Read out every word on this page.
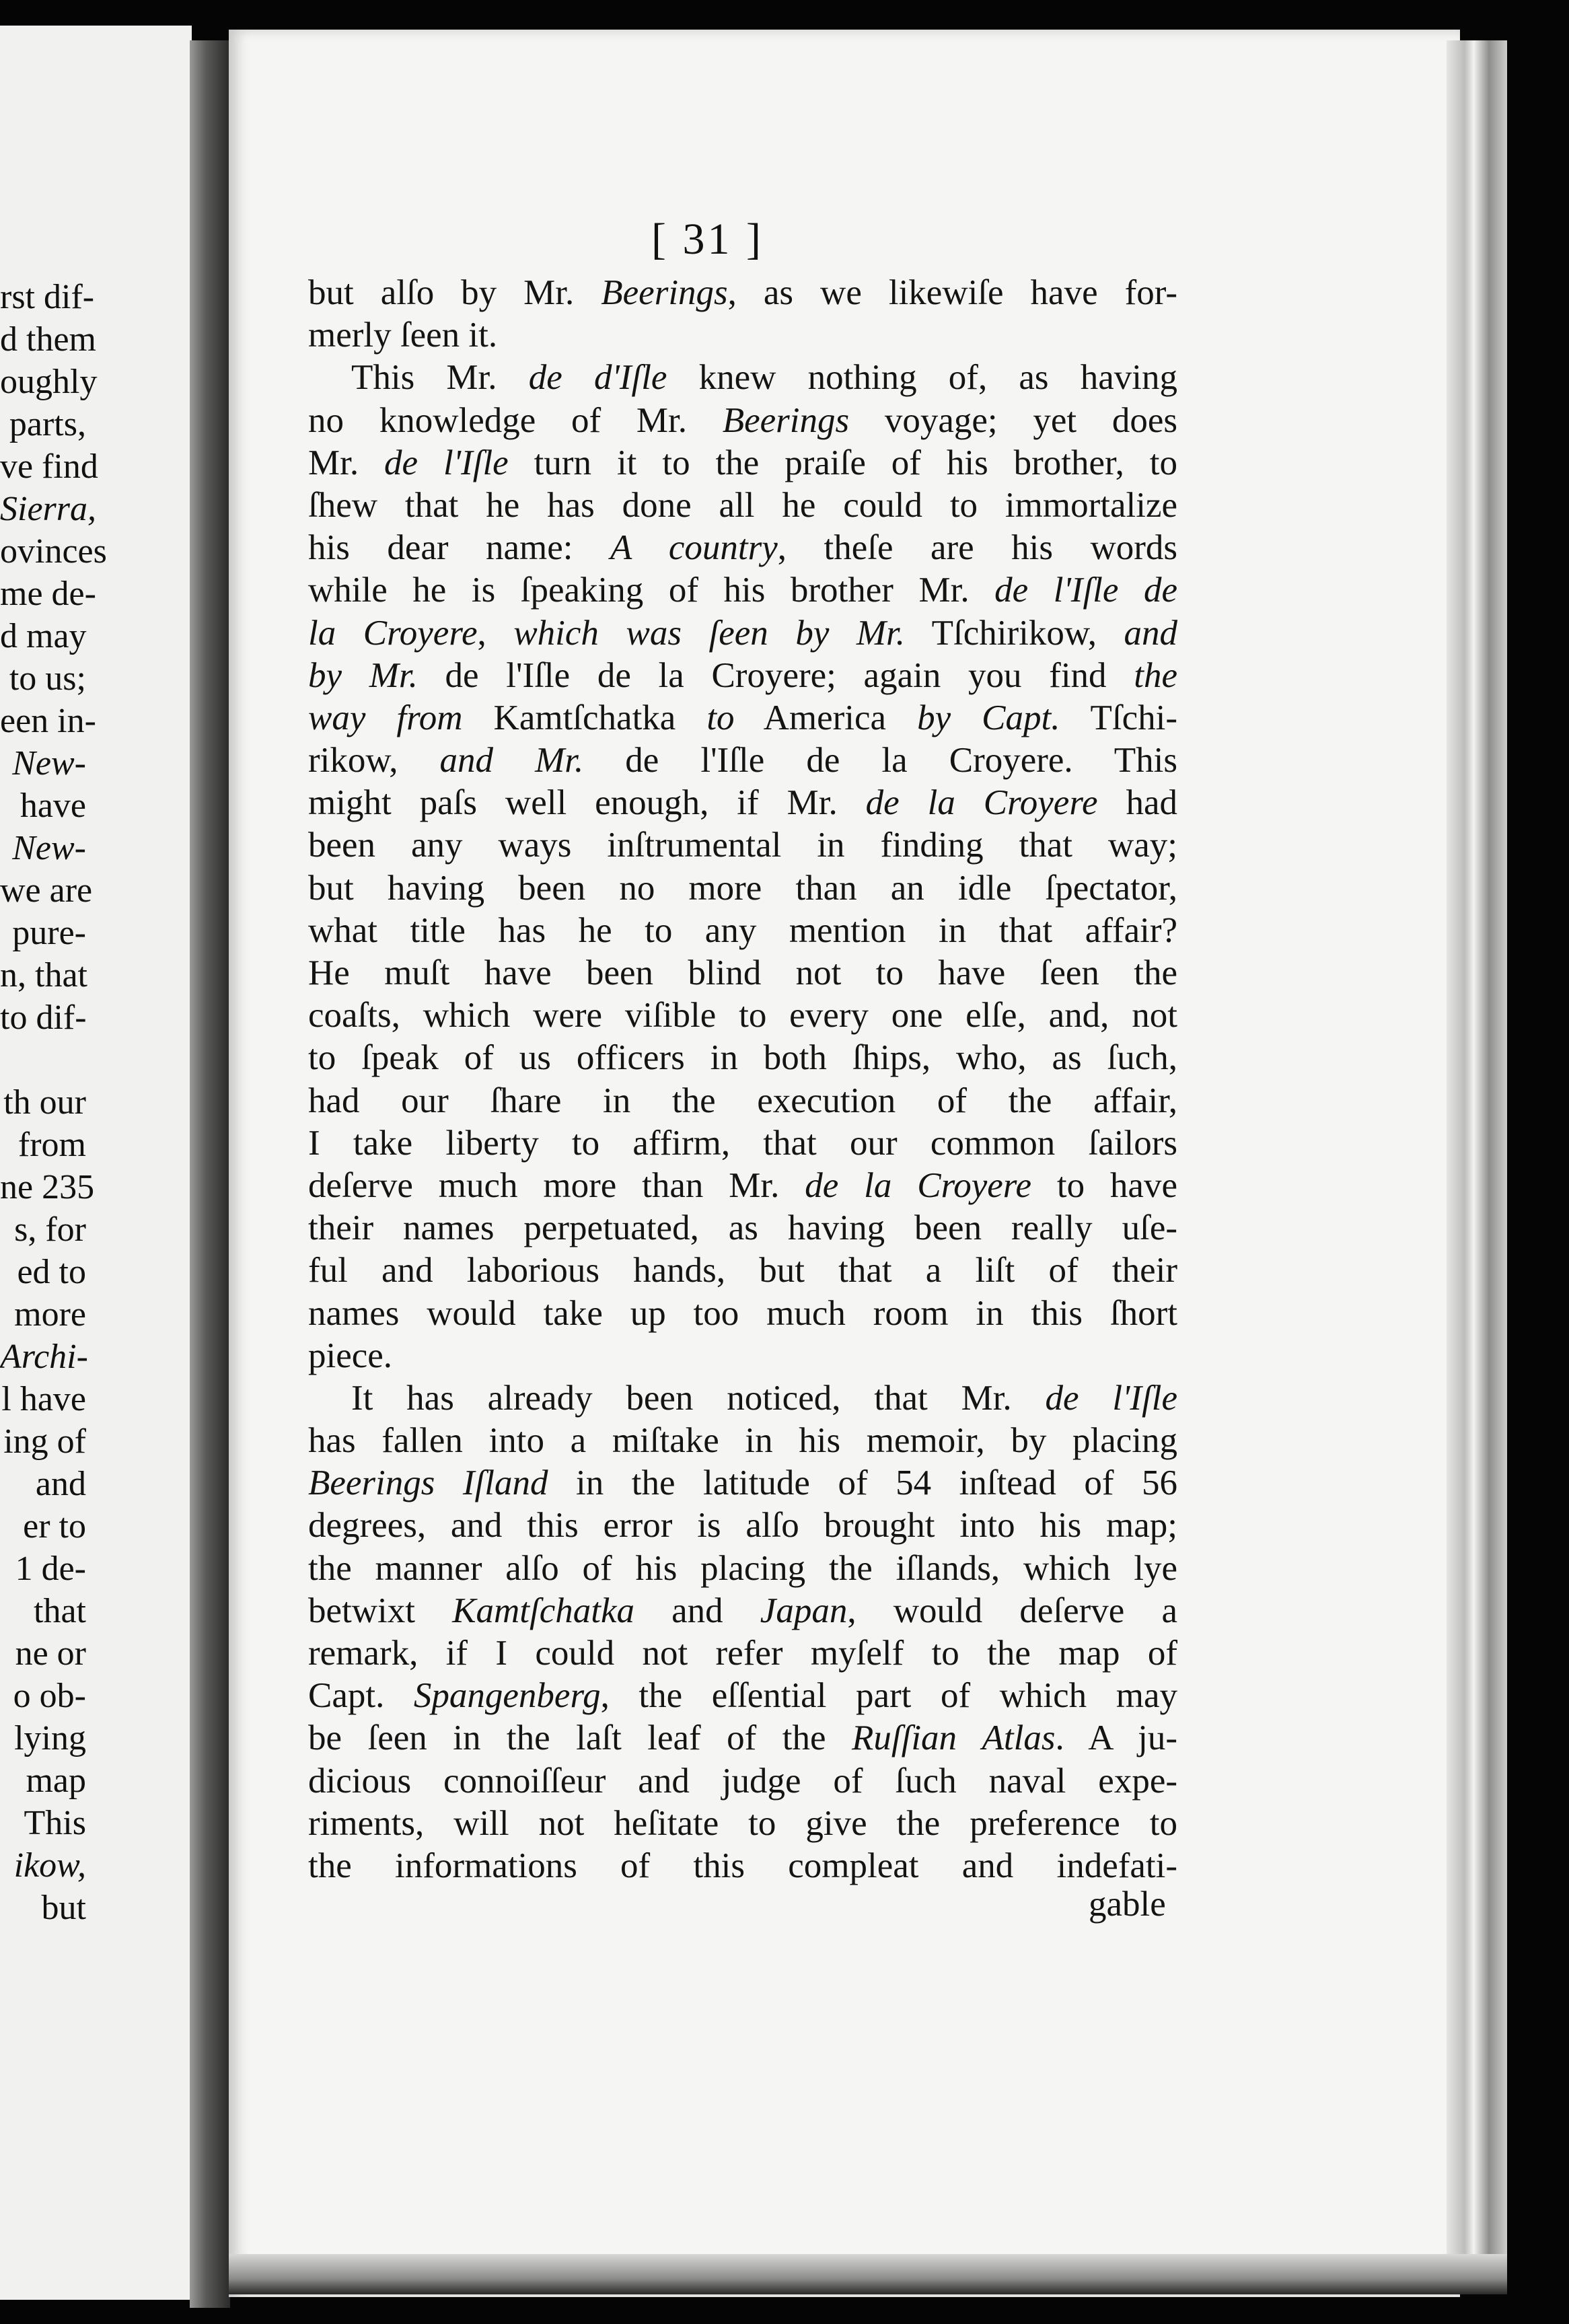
rst dif-
d them
oughly
parts,
ve find
Sierra,
ovinces
me de-
d may
to us;
een in-
New-
have
New-
we are
pure-
n, that
to dif-
th our
from
ne 235
s, for
ed to
more
Archi-
l have
ing of
and
er to
1 de-
that
ne or
o ob-
lying
map
This
ikow,
but
[ 31 ]
but alſo by Mr. Beerings, as we likewiſe have for-
merly ſeen it.
This Mr. de d'Iſle knew nothing of, as having
no knowledge of Mr. Beerings voyage; yet does
Mr. de l'Iſle turn it to the praiſe of his brother, to
ſhew that he has done all he could to immortalize
his dear name: A country, theſe are his words
while he is ſpeaking of his brother Mr. de l'Iſle de
la Croyere, which was ſeen by Mr. Tſchirikow, and
by Mr. de l'Iſle de la Croyere; again you find the
way from Kamtſchatka to America by Capt. Tſchi-
rikow, and Mr. de l'Iſle de la Croyere. This
might paſs well enough, if Mr. de la Croyere had
been any ways inſtrumental in finding that way;
but having been no more than an idle ſpectator,
what title has he to any mention in that affair?
He muſt have been blind not to have ſeen the
coaſts, which were viſible to every one elſe, and, not
to ſpeak of us officers in both ſhips, who, as ſuch,
had our ſhare in the execution of the affair,
I take liberty to affirm, that our common ſailors
deſerve much more than Mr. de la Croyere to have
their names perpetuated, as having been really uſe-
ful and laborious hands, but that a liſt of their
names would take up too much room in this ſhort
piece.
It has already been noticed, that Mr. de l'Iſle
has fallen into a miſtake in his memoir, by placing
Beerings Iſland in the latitude of 54 inſtead of 56
degrees, and this error is alſo brought into his map;
the manner alſo of his placing the iſlands, which lye
betwixt Kamtſchatka and Japan, would deſerve a
remark, if I could not refer myſelf to the map of
Capt. Spangenberg, the eſſential part of which may
be ſeen in the laſt leaf of the Ruſſian Atlas. A ju-
dicious connoiſſeur and judge of ſuch naval expe-
riments, will not heſitate to give the preference to
the informations of this compleat and indefati-
gable
